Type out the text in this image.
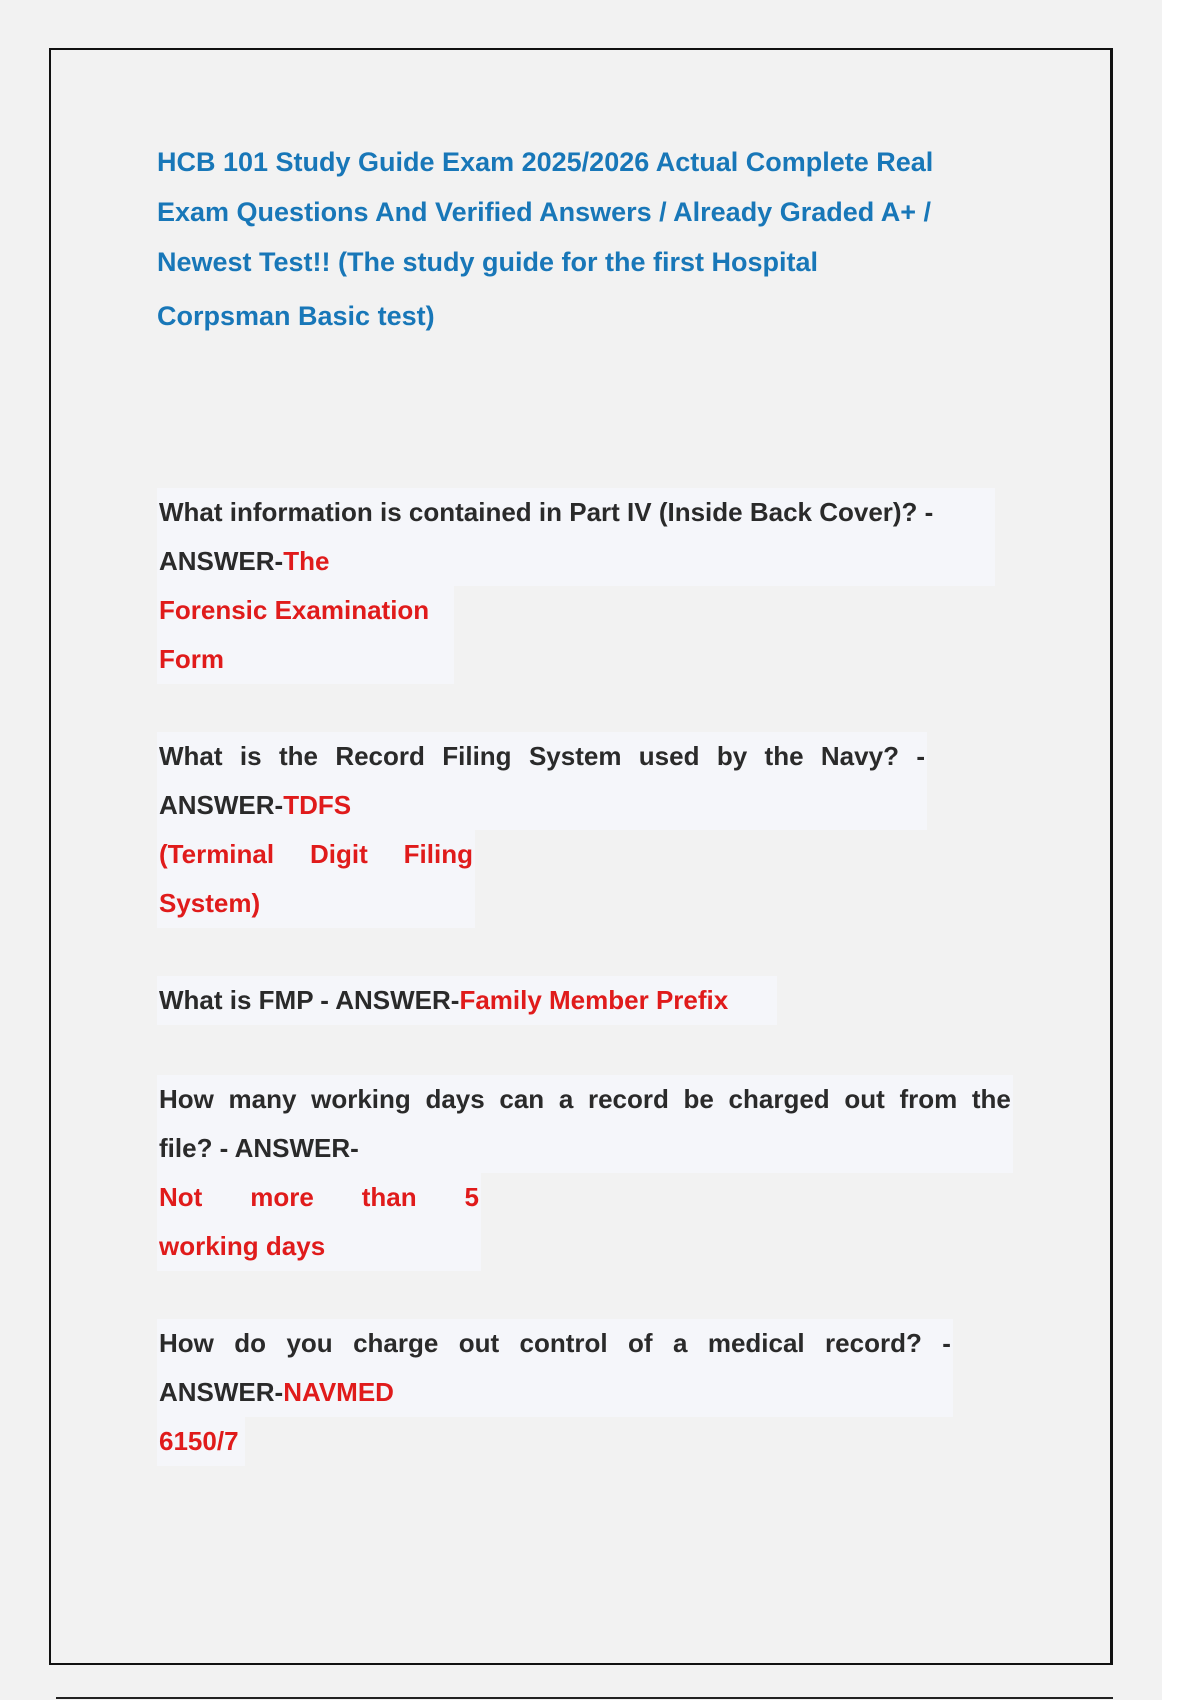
HCB 101 Study Guide Exam 2025/2026 Actual Complete Real
Exam Questions And Verified Answers / Already Graded A+ /
Newest Test!! (The study guide for the first Hospital
Corpsman Basic test)
What information is contained in Part IV (Inside Back Cover)? -
ANSWER-The
Forensic Examination
Form
What is the Record Filing System used by the Navy? -
ANSWER-TDFS
(Terminal Digit Filing
System)
What is FMP - ANSWER-Family Member Prefix
How many working days can a record be charged out from the
file? - ANSWER-
Not more than 5
working days
How do you charge out control of a medical record? -
ANSWER-NAVMED
6150/7
